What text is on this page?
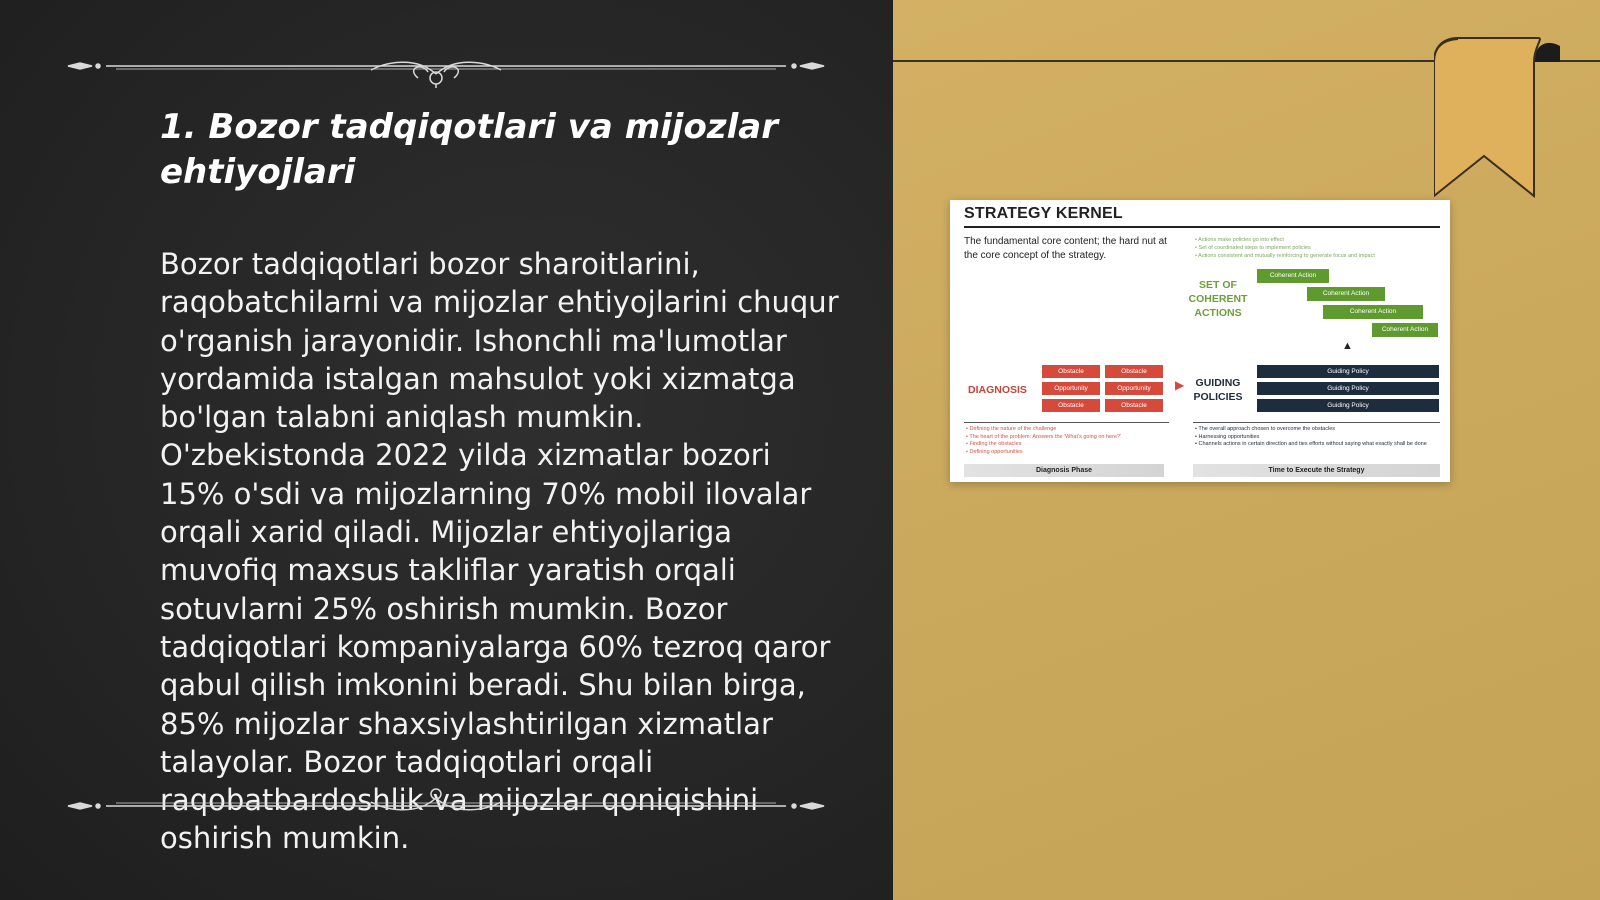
1. Bozor tadqiqotlari va mijozlar ehtiyojlari

Bozor tadqiqotlari bozor sharoitlarini, raqobatchilarni va mijozlar ehtiyojlarini chuqur o'rganish jarayonidir. Ishonchli ma'lumotlar yordamida istalgan mahsulot yoki xizmatga bo'lgan talabni aniqlash mumkin. O'zbekistonda 2022 yilda xizmatlar bozori 15% o'sdi va mijozlarning 70% mobil ilovalar orqali xarid qiladi. Mijozlar ehtiyojlariga muvofiq maxsus takliflar yaratish orqali sotuvlarni 25% oshirish mumkin. Bozor tadqiqotlari kompaniyalarga 60% tezroq qaror qabul qilish imkonini beradi. Shu bilan birga, 85% mijozlar shaxsiylashtirilgan xizmatlar talayolar. Bozor tadqiqotlari orqali raqobatbardoshlik va mijozlar qoniqishini oshirish mumkin.

STRATEGY KERNEL
The fundamental core content; the hard nut at the core concept of the strategy.
• Actions make policies go into effect
• Set of coordinated steps to implement policies
• Actions consistent and mutually reinforcing to generate focus and impact
SET OF COHERENT ACTIONS
Coherent Action
Coherent Action
Coherent Action
Coherent Action
▲
DIAGNOSIS
Obstacle	Obstacle
Opportunity	Opportunity
Obstacle	Obstacle
▶	GUIDING POLICIES
Guiding Policy
Guiding Policy
Guiding Policy
• Defining the nature of the challenge
• The heart of the problem: Answers the 'What's going on here?'
• Finding the obstacles
• Defining opportunities
• The overall approach chosen to overcome the obstacles
• Harnessing opportunities
• Channels actions in certain direction and ties efforts without saying what exactly shall be done
Diagnosis Phase	Time to Execute the Strategy
